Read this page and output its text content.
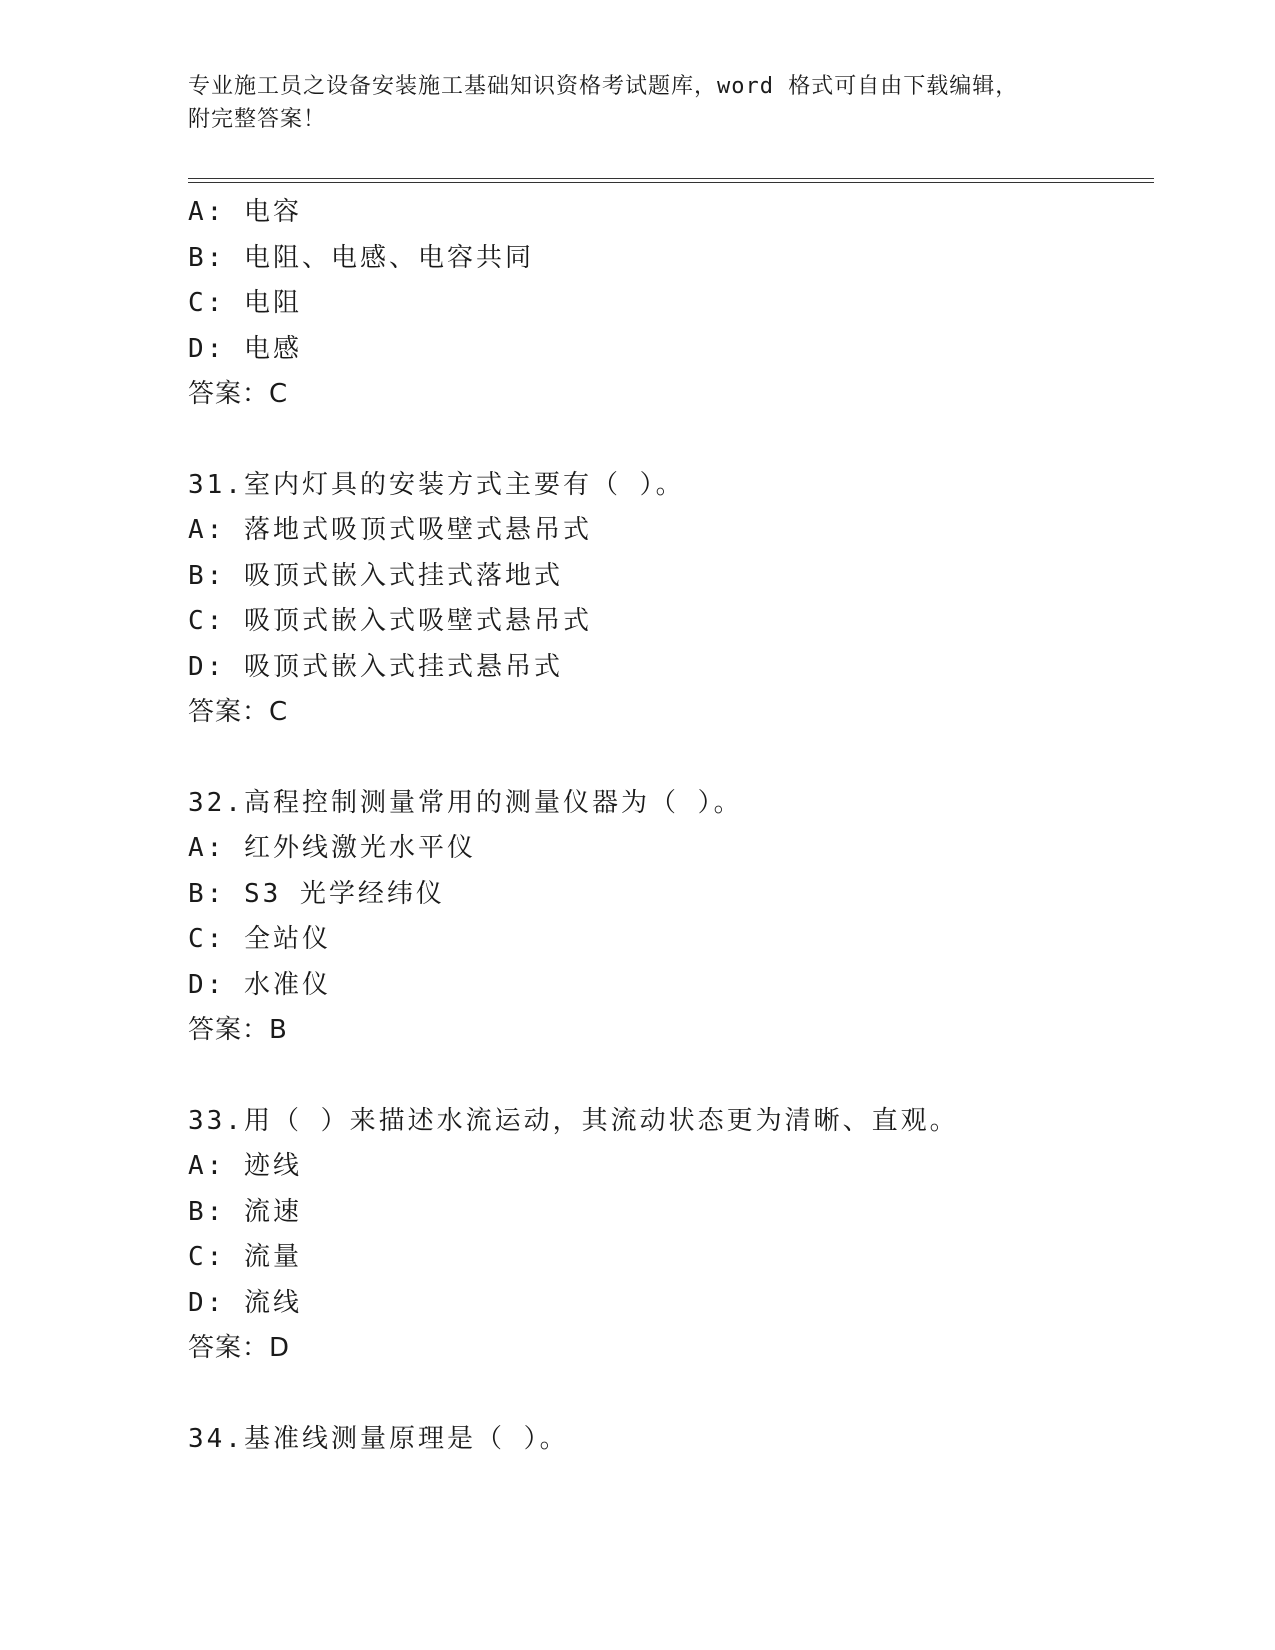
专业施工员之设备安装施工基础知识资格考试题库，word 格式可自由下载编辑，
附完整答案！
A: 电容
B: 电阻、电感、电容共同
C: 电阻
D: 电感
答案：C
31.室内灯具的安装方式主要有（ ）。
A: 落地式吸顶式吸壁式悬吊式
B: 吸顶式嵌入式挂式落地式
C: 吸顶式嵌入式吸壁式悬吊式
D: 吸顶式嵌入式挂式悬吊式
答案：C
32.高程控制测量常用的测量仪器为（ ）。
A: 红外线激光水平仪
B: S3 光学经纬仪
C: 全站仪
D: 水准仪
答案：B
33.用（ ）来描述水流运动，其流动状态更为清晰、直观。
A: 迹线
B: 流速
C: 流量
D: 流线
答案：D
34.基准线测量原理是（ ）。
